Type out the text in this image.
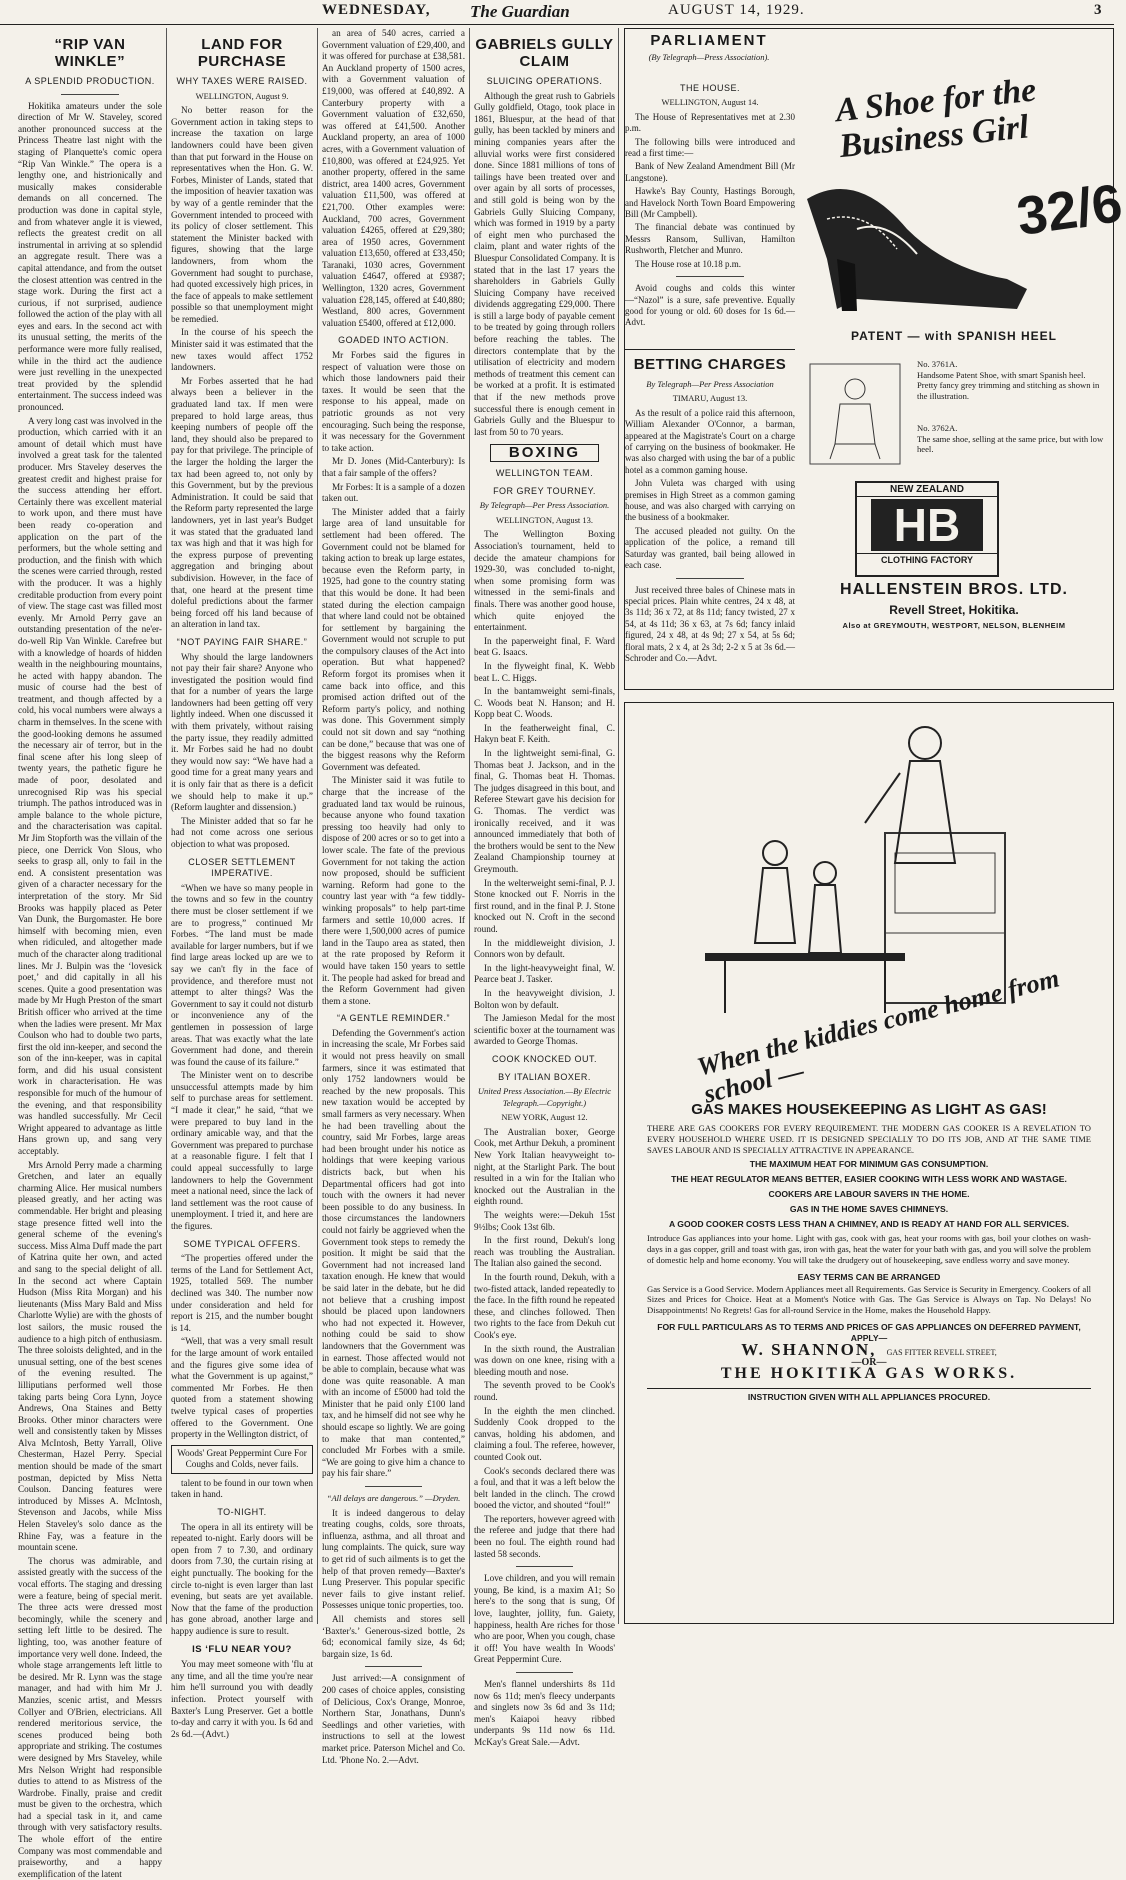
WEDNESDAY, The Guardian	AUGUST 14, 1929.	3
“RIP VAN WINKLE”
A SPLENDID PRODUCTION.

Hokitika amateurs under the sole direction of Mr W. Staveley, scored another pronounced success at the Princess Theatre last night with the staging of Planquette's comic opera “Rip Van Winkle.” The opera is a lengthy one, and histrionically and musically makes considerable demands on all concerned. The production was done in capital style, and from whatever angle it is viewed, reflects the greatest credit on all instrumental in arriving at so splendid an aggregate result. There was a capital attendance, and from the outset the closest attention was centred in the stage work. During the first act a curious, if not surprised, audience followed the action of the play with all eyes and ears. In the second act with its unusual setting, the merits of the performance were more fully realised, while in the third act the audience were just revelling in the unexpected treat provided by the splendid entertainment. The success indeed was pronounced.

A very long cast was involved in the production, which carried with it an amount of detail which must have involved a great task for the talented producer. Mrs Staveley deserves the greatest credit and highest praise for the success attending her effort. Certainly there was excellent material to work upon, and there must have been ready co-operation and application on the part of the performers, but the whole setting and production, and the finish with which the scenes were carried through, rested with the producer. It was a highly creditable production from every point of view. The stage cast was filled most evenly. Mr Arnold Perry gave an outstanding presentation of the ne'er-do-well Rip Van Winkle. Carefree but with a knowledge of hoards of hidden wealth in the neighbouring mountains, he acted with happy abandon. The music of course had the best of treatment, and though affected by a cold, his vocal numbers were always a charm in themselves. In the scene with the good-looking demons he assumed the necessary air of terror, but in the final scene after his long sleep of twenty years, the pathetic figure he made of poor, desolated and unrecognised Rip was his special triumph. The pathos introduced was in ample balance to the whole picture, and the characterisation was capital. Mr Jim Stopforth was the villain of the piece, one Derrick Von Slous, who seeks to grasp all, only to fail in the end. A consistent presentation was given of a character necessary for the interpretation of the story. Mr Sid Brooks was happily placed as Peter Van Dunk, the Burgomaster. He bore himself with becoming mien, even when ridiculed, and altogether made much of the character along traditional lines. Mr J. Bulpin was the ‘lovesick poet,’ and did capitally in all his scenes. Quite a good presentation was made by Mr Hugh Preston of the smart British officer who arrived at the time when the ladies were present. Mr Max Coulson who had to double two parts, first the old inn-keeper, and second the son of the inn-keeper, was in capital form, and did his usual consistent work in characterisation. He was responsible for much of the humour of the evening, and that responsibility was handled successfully. Mr Cecil Wright appeared to advantage as little Hans grown up, and sang very acceptably.

Mrs Arnold Perry made a charming Gretchen, and later an equally charming Alice. Her musical numbers pleased greatly, and her acting was commendable. Her bright and pleasing stage presence fitted well into the general scheme of the evening's success. Miss Alma Duff made the part of Katrina quite her own, and acted and sang to the special delight of all. In the second act where Captain Hudson (Miss Rita Morgan) and his lieutenants (Miss Mary Bald and Miss Charlotte Wylie) are with the ghosts of lost sailors, the music roused the audience to a high pitch of enthusiasm. The three soloists delighted, and in the unusual setting, one of the best scenes of the evening resulted. The lilliputians performed well those taking parts being Cora Lynn, Joyce Andrews, Ona Staines and Betty Brooks. Other minor characters were well and consistently taken by Misses Alva McIntosh, Betty Yarrall, Olive Chesterman, Hazel Perry. Special mention should be made of the smart postman, depicted by Miss Netta Coulson. Dancing features were introduced by Misses A. McIntosh, Stevenson and Jacobs, while Miss Helen Staveley's solo dance as the Rhine Fay, was a feature in the mountain scene.

The chorus was admirable, and assisted greatly with the success of the vocal efforts. The staging and dressing were a feature, being of special merit. The three acts were dressed most becomingly, while the scenery and setting left little to be desired. The lighting, too, was another feature of importance very well done. Indeed, the whole stage arrangements left little to be desired. Mr R. Lynn was the stage manager, and had with him Mr J. Manzies, scenic artist, and Messrs Collyer and O'Brien, electricians. All rendered meritorious service, the scenes produced being both appropriate and striking. The costumes were designed by Mrs Staveley, while Mrs Nelson Wright had responsible duties to attend to as Mistress of the Wardrobe. Finally, praise and credit must be given to the orchestra, which had a special task in it, and came through with very satisfactory results. The whole effort of the entire Company was most commendable and praiseworthy, and a happy exemplification of the latent

LAND FOR PURCHASE
WHY TAXES WERE RAISED.
WELLINGTON, August 9.

No better reason for the Government action in taking steps to increase the taxation on large landowners could have been given than that put forward in the House on representatives when the Hon. G. W. Forbes, Minister of Lands, stated that the imposition of heavier taxation was by way of a gentle reminder that the Government intended to proceed with its policy of closer settlement. This statement the Minister backed with figures, showing that the large landowners, from whom the Government had sought to purchase, had quoted excessively high prices, in the face of appeals to make settlement possible so that unemployment might be remedied.

In the course of his speech the Minister said it was estimated that the new taxes would affect 1752 landowners.

Mr Forbes asserted that he had always been a believer in the graduated land tax. If men were prepared to hold large areas, thus keeping numbers of people off the land, they should also be prepared to pay for that privilege. The principle of the larger the holding the larger the tax had been agreed to, not only by this Government, but by the previous Administration. It could be said that the Reform party represented the large landowners, yet in last year's Budget it was stated that the graduated land tax was high and that it was high for the express purpose of preventing aggregation and bringing about subdivision. However, in the face of that, one heard at the present time doleful predictions about the farmer being forced off his land because of an alteration in land tax.

“NOT PAYING FAIR SHARE.”

Why should the large landowners not pay their fair share? Anyone who investigated the position would find that for a number of years the large landowners had been getting off very lightly indeed. When one discussed it with them privately, without raising the party issue, they readily admitted it. Mr Forbes said he had no doubt they would now say: “We have had a good time for a great many years and it is only fair that as there is a deficit we should help to make it up.” (Reform laughter and dissension.)

The Minister added that so far he had not come across one serious objection to what was proposed.

CLOSER SETTLEMENT IMPERATIVE.

“When we have so many people in the towns and so few in the country there must be closer settlement if we are to progress,” continued Mr Forbes. “The land must be made available for larger numbers, but if we find large areas locked up are we to say we can't fly in the face of providence, and therefore must not attempt to alter things? Was the Government to say it could not disturb or inconvenience any of the gentlemen in possession of large areas. That was exactly what the late Government had done, and therein was found the cause of its failure.”

The Minister went on to describe unsuccessful attempts made by him self to purchase areas for settlement. “I made it clear,” he said, “that we were prepared to buy land in the ordinary amicable way, and that the Government was prepared to purchase at a reasonable figure. I felt that I could appeal successfully to large landowners to help the Government meet a national need, since the lack of land settlement was the root cause of unemployment. I tried it, and here are the figures.

SOME TYPICAL OFFERS.

“The properties offered under the terms of the Land for Settlement Act, 1925, totalled 569. The number declined was 340. The number now under consideration and held for report is 215, and the number bought is 14.

“Well, that was a very small result for the large amount of work entailed and the figures give some idea of what the Government is up against,” commented Mr Forbes. He then quoted from a statement showing twelve typical cases of properties offered to the Government. One property in the Wellington district, of

Woods' Great Peppermint Cure For Coughs and Colds, never fails.

talent to be found in our town when taken in hand.

TO-NIGHT.

The opera in all its entirety will be repeated to-night. Early doors will be open from 7 to 7.30, and ordinary doors from 7.30, the curtain rising at eight punctually. The booking for the circle to-night is even larger than last evening, but seats are yet available. Now that the fame of the production has gone abroad, another large and happy audience is sure to result.

IS ‘FLU NEAR YOU?

You may meet someone with 'flu at any time, and all the time you're near him he'll surround you with deadly infection. Protect yourself with Baxter's Lung Preserver. Get a bottle to-day and carry it with you. Is 6d and 2s 6d.—(Advt.)

an area of 540 acres, carried a Government valuation of £29,400, and it was offered for purchase at £38,581. An Auckland property of 1500 acres, with a Government valuation of £19,000, was offered at £40,892. A Canterbury property with a Government valuation of £32,650, was offered at £41,500. Another Auckland property, an area of 1000 acres, with a Government valuation of £10,800, was offered at £24,925. Yet another property, offered in the same district, area 1400 acres, Government valuation £11,500, was offered at £21,700. Other examples were: Auckland, 700 acres, Government valuation £4265, offered at £29,380; area of 1950 acres, Government valuation £13,650, offered at £33,450; Taranaki, 1030 acres, Government valuation £4647, offered at £9387; Wellington, 1320 acres, Government valuation £28,145, offered at £40,880; Westland, 800 acres, Government valuation £5400, offered at £12,000.

GOADED INTO ACTION.

Mr Forbes said the figures in respect of valuation were those on which those landowners paid their taxes. It would be seen that the response to his appeal, made on patriotic grounds as not very encouraging. Such being the response, it was necessary for the Government to take action.

Mr D. Jones (Mid-Canterbury): Is that a fair sample of the offers?

Mr Forbes: It is a sample of a dozen taken out.

The Minister added that a fairly large area of land unsuitable for settlement had been offered. The Government could not be blamed for taking action to break up large estates, because even the Reform party, in 1925, had gone to the country stating that this would be done. It had been stated during the election campaign that where land could not be obtained for settlement by bargaining the Government would not scruple to put the compulsory clauses of the Act into operation. But what happened? Reform forgot its promises when it came back into office, and this promised action drifted out of the Reform party's policy, and nothing was done. This Government simply could not sit down and say “nothing can be done,” because that was one of the biggest reasons why the Reform Government was defeated.

The Minister said it was futile to charge that the increase of the graduated land tax would be ruinous, because anyone who found taxation pressing too heavily had only to dispose of 200 acres or so to get into a lower scale. The fate of the previous Government for not taking the action now proposed, should be sufficient warning. Reform had gone to the country last year with “a few tiddly-winking proposals” to help part-time farmers and settle 10,000 acres. If there were 1,500,000 acres of pumice land in the Taupo area as stated, then at the rate proposed by Reform it would have taken 150 years to settle it. The people had asked for bread and the Reform Government had given them a stone.

“A GENTLE REMINDER.”

Defending the Government's action in increasing the scale, Mr Forbes said it would not press heavily on small farmers, since it was estimated that only 1752 landowners would be reached by the new proposals. This new taxation would be accepted by small farmers as very necessary. When he had been travelling about the country, said Mr Forbes, large areas had been brought under his notice as holdings that were keeping various districts back, but when his Departmental officers had got into touch with the owners it had never been possible to do any business. In those circumstances the landowners could not fairly be aggrieved when the Government took steps to remedy the position. It might be said that the Government had not increased land taxation enough. He knew that would be said later in the debate, but he did not believe that a crushing impost should be placed upon landowners who had not expected it. However, nothing could be said to show landowners that the Government was in earnest. Those affected would not be able to complain, because what was done was quite reasonable. A man with an income of £5000 had told the Minister that he paid only £100 land tax, and he himself did not see why he should escape so lightly. We are going to make that man contented,” concluded Mr Forbes with a smile. “We are going to give him a chance to pay his fair share.”

“All delays are dangerous.” —Dryden.

It is indeed dangerous to delay treating coughs, colds, sore throats, influenza, asthma, and all throat and lung complaints. The quick, sure way to get rid of such ailments is to get the help of that proven remedy—Baxter's Lung Preserver. This popular specific never fails to give instant relief. Possesses unique tonic properties, too.

All chemists and stores sell ‘Baxter's.’ Generous-sized bottle, 2s 6d; economical family size, 4s 6d; bargain size, 1s 6d.

Just arrived:—A consignment of 200 cases of choice apples, consisting of Delicious, Cox's Orange, Monroe, Northern Star, Jonathans, Dunn's Seedlings and other varieties, with instructions to sell at the lowest market price. Paterson Michel and Co. Ltd. 'Phone No. 2.—Advt.

GABRIELS GULLY CLAIM
SLUICING OPERATIONS.

Although the great rush to Gabriels Gully goldfield, Otago, took place in 1861, Bluespur, at the head of that gully, has been tackled by miners and mining companies years after the alluvial works were first considered done. Since 1881 millions of tons of tailings have been treated over and over again by all sorts of processes, and still gold is being won by the Gabriels Gully Sluicing Company, which was formed in 1919 by a party of eight men who purchased the claim, plant and water rights of the Bluespur Consolidated Company. It is stated that in the last 17 years the shareholders in Gabriels Gully Sluicing Company have received dividends aggregating £29,000. There is still a large body of payable cement to be treated by going through rollers before reaching the tables. The directors contemplate that by the utilisation of electricity and modern methods of treatment this cement can be worked at a profit. It is estimated that if the new methods prove successful there is enough cement in Gabriels Gully and the Bluespur to last from 50 to 70 years.

BOXING
WELLINGTON TEAM.
FOR GREY TOURNEY.
By Telegraph—Per Press Association.
WELLINGTON, August 13.

The Wellington Boxing Association's tournament, held to decide the amateur champions for 1929-30, was concluded to-night, when some promising form was witnessed in the semi-finals and finals. There was another good house, which quite enjoyed the entertainment.

In the paperweight final, F. Ward beat G. Isaacs.

In the flyweight final, K. Webb beat L. C. Higgs.

In the bantamweight semi-finals, C. Woods beat N. Hanson; and H. Kopp beat C. Woods.

In the featherweight final, C. Hakyn beat F. Keith.

In the lightweight semi-final, G. Thomas beat J. Jackson, and in the final, G. Thomas beat H. Thomas. The judges disagreed in this bout, and Referee Stewart gave his decision for G. Thomas. The verdict was ironically received, and it was announced immediately that both of the brothers would be sent to the New Zealand Championship tourney at Greymouth.

In the welterweight semi-final, P. J. Stone knocked out F. Norris in the first round, and in the final P. J. Stone knocked out N. Croft in the second round.

In the middleweight division, J. Connors won by default.

In the light-heavyweight final, W. Pearce beat J. Tasker.

In the heavyweight division, J. Bolton won by default.

The Jamieson Medal for the most scientific boxer at the tournament was awarded to George Thomas.

COOK KNOCKED OUT.
BY ITALIAN BOXER.
United Press Association.—By Electric Telegraph.—Copyright.)
NEW YORK, August 12.

The Australian boxer, George Cook, met Arthur Dekuh, a prominent New York Italian heavyweight to-night, at the Starlight Park. The bout resulted in a win for the Italian who knocked out the Australian in the eighth round.

The weights were:—Dekuh 15st 9½lbs; Cook 13st 6lb.

In the first round, Dekuh's long reach was troubling the Australian. The Italian also gained the second.

In the fourth round, Dekuh, with a two-fisted attack, landed repeatedly to the face. In the fifth round he repeated these, and clinches followed. Then two rights to the face from Dekuh cut Cook's eye.

In the sixth round, the Australian was down on one knee, rising with a bleeding mouth and nose.

The seventh proved to be Cook's round.

In the eighth the men clinched. Suddenly Cook dropped to the canvas, holding his abdomen, and claiming a foul. The referee, however, counted Cook out.

Cook's seconds declared there was a foul, and that it was a left below the belt landed in the clinch. The crowd booed the victor, and shouted “foul!”

The reporters, however agreed with the referee and judge that there had been no foul. The eighth round had lasted 58 seconds.

Love children, and you will remain young, Be kind, is a maxim A1; So here's to the song that is sung, Of love, laughter, jollity, fun. Gaiety, happiness, health Are riches for those who are poor, When you cough, chase it off! You have wealth In Woods' Great Peppermint Cure.

Men's flannel undershirts 8s 11d now 6s 11d; men's fleecy underpants and singlets now 3s 6d and 3s 11d; men's Kaiapoi heavy ribbed underpants 9s 11d now 6s 11d. McKay's Great Sale.—Advt.

PARLIAMENT
(By Telegraph—Press Association).
THE HOUSE.
WELLINGTON, August 14.

The House of Representatives met at 2.30 p.m.

The following bills were introduced and read a first time:—

Bank of New Zealand Amendment Bill (Mr Langstone).

Hawke's Bay County, Hastings Borough, and Havelock North Town Board Empowering Bill (Mr Campbell).

The financial debate was continued by Messrs Ransom, Sullivan, Hamilton Rushworth, Fletcher and Munro.

The House rose at 10.18 p.m.

Avoid coughs and colds this winter—“Nazol” is a sure, safe preventive. Equally good for young or old. 60 doses for 1s 6d.—Advt.

A Shoe for the Business Girl
32/6
PATENT — with SPANISH HEEL
BETTING CHARGES
By Telegraph—Per Press Association
TIMARU, August 13.

As the result of a police raid this afternoon, William Alexander O'Connor, a barman, appeared at the Magistrate's Court on a charge of carrying on the business of bookmaker. He was also charged with using the bar of a public hotel as a common gaming house.

John Vuleta was charged with using premises in High Street as a common gaming house, and was also charged with carrying on the business of a bookmaker.

The accused pleaded not guilty. On the application of the police, a remand till Saturday was granted, bail being allowed in each case.

Just received three bales of Chinese mats in special prices. Plain white centres, 24 x 48, at 3s 11d; 36 x 72, at 8s 11d; fancy twisted, 27 x 54, at 4s 11d; 36 x 63, at 7s 6d; fancy inlaid figured, 24 x 48, at 4s 9d; 27 x 54, at 5s 6d; floral mats, 2 x 4, at 2s 3d; 2-2 x 5 at 3s 6d.—Schroder and Co.—Advt.

No. 3761A.
Handsome Patent Shoe, with smart Spanish heel. Pretty fancy grey trimming and stitching as shown in the illustration.
No. 3762A.
The same shoe, selling at the same price, but with low heel.
NEW ZEALAND
HB
CLOTHING FACTORY
HALLENSTEIN BROS. LTD.
Revell Street, Hokitika.
Also at GREYMOUTH, WESTPORT, NELSON, BLENHEIM
When the kiddies come home from school —
GAS MAKES HOUSEKEEPING AS LIGHT AS GAS!
THERE ARE GAS COOKERS FOR EVERY REQUIREMENT. THE MODERN GAS COOKER IS A REVELATION TO EVERY HOUSEHOLD WHERE USED. IT IS DESIGNED SPECIALLY TO DO ITS JOB, AND AT THE SAME TIME SAVES LABOUR AND IS SPECIALLY ATTRACTIVE IN APPEARANCE.
THE MAXIMUM HEAT FOR MINIMUM GAS CONSUMPTION.
THE HEAT REGULATOR MEANS BETTER, EASIER COOKING WITH LESS WORK AND WASTAGE.
COOKERS ARE LABOUR SAVERS IN THE HOME.
GAS IN THE HOME SAVES CHIMNEYS.
A GOOD COOKER COSTS LESS THAN A CHIMNEY, AND IS READY AT HAND FOR ALL SERVICES.
Introduce Gas appliances into your home. Light with gas, cook with gas, heat your rooms with gas, boil your clothes on wash-days in a gas copper, grill and toast with gas, iron with gas, heat the water for your bath with gas, and you will solve the problem of domestic help and home economy. You will take the drudgery out of housekeeping, save endless worry and save money.
EASY TERMS CAN BE ARRANGED
Gas Service is a Good Service. Modern Appliances meet all Requirements. Gas Service is Security in Emergency. Cookers of all Sizes and Prices for Choice. Heat at a Moment's Notice with Gas. The Gas Service is Always on Tap. No Delays! No Disappointments! No Regrets! Gas for all-round Service in the Home, makes the Household Happy.
FOR FULL PARTICULARS AS TO TERMS AND PRICES OF GAS APPLIANCES ON DEFERRED PAYMENT, APPLY—
W. SHANNON, GAS FITTER REVELL STREET,
—OR—
THE HOKITIKA GAS WORKS.
INSTRUCTION GIVEN WITH ALL APPLIANCES PROCURED.
